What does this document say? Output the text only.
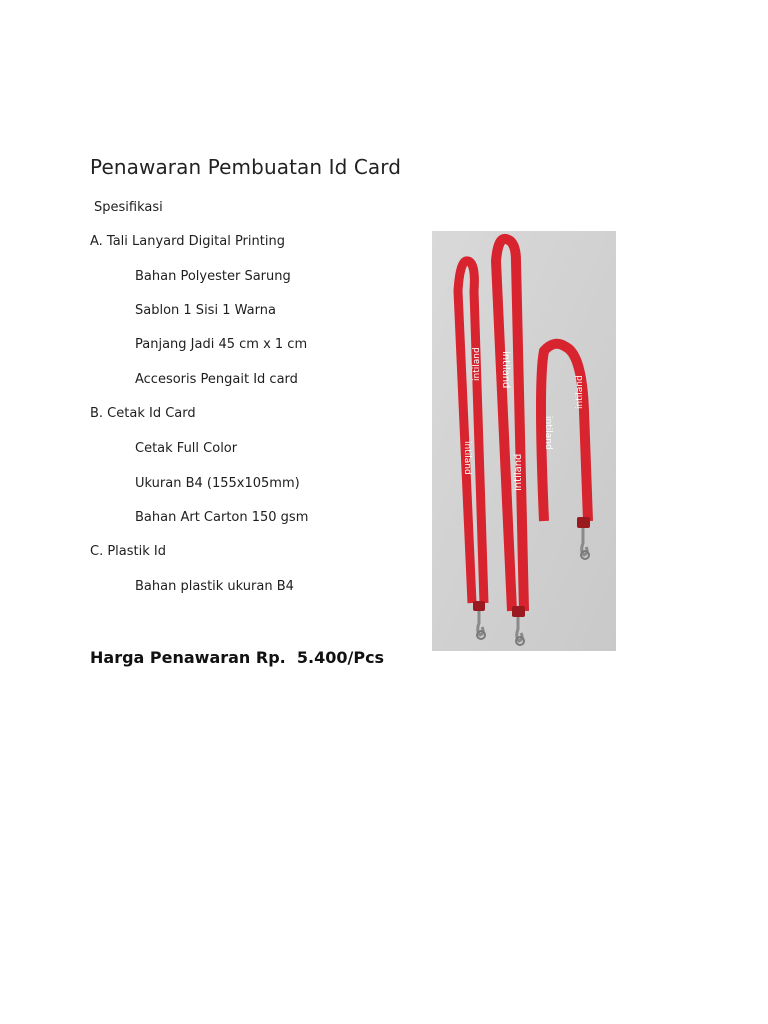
Penawaran Pembuatan Id Card
Spesifikasi
A. Tali Lanyard Digital Printing
Bahan Polyester Sarung
Sablon 1 Sisi 1 Warna
Panjang Jadi 45 cm x 1 cm
Accesoris Pengait Id card
B. Cetak Id Card
Cetak Full Color
Ukuran B4 (155x105mm)
Bahan Art Carton 150 gsm
C. Plastik Id
Bahan plastik ukuran B4
Harga Penawaran Rp.  5.400/Pcs
intiland
intiland intiland
intiland
intiland
intiland
